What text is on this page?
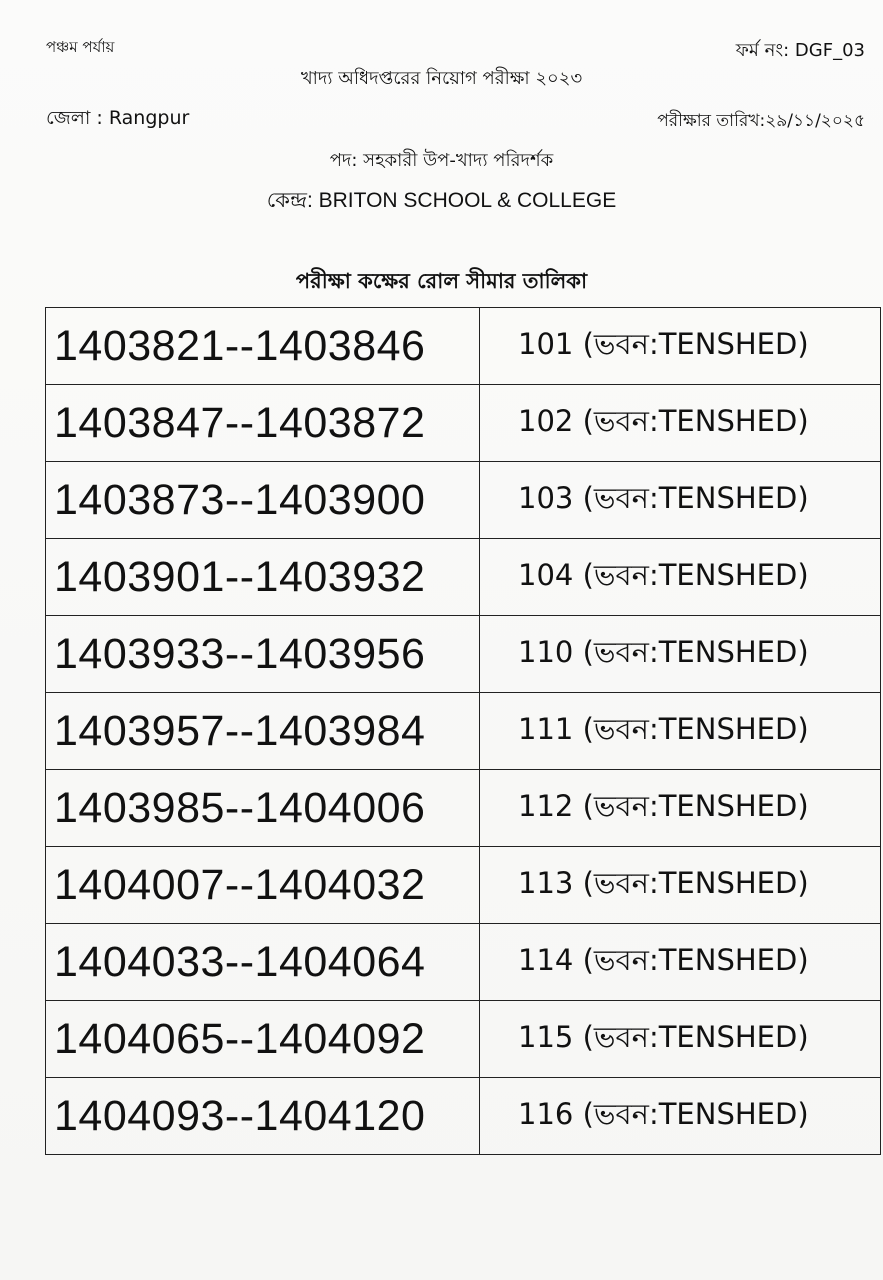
পঞ্চম পর্যায়	ফর্ম নং: DGF_03
খাদ্য অধিদপ্তরের নিয়োগ পরীক্ষা ২০২৩
জেলা : Rangpur	পরীক্ষার তারিখ:২৯/১১/২০২৫
পদ: সহকারী উপ-খাদ্য পরিদর্শক
কেন্দ্র: BRITON SCHOOL & COLLEGE
পরীক্ষা কক্ষের রোল সীমার তালিকা
1403821--1403846	101 (ভবন:TENSHED)
1403847--1403872	102 (ভবন:TENSHED)
1403873--1403900	103 (ভবন:TENSHED)
1403901--1403932	104 (ভবন:TENSHED)
1403933--1403956	110 (ভবন:TENSHED)
1403957--1403984	111 (ভবন:TENSHED)
1403985--1404006	112 (ভবন:TENSHED)
1404007--1404032	113 (ভবন:TENSHED)
1404033--1404064	114 (ভবন:TENSHED)
1404065--1404092	115 (ভবন:TENSHED)
1404093--1404120	116 (ভবন:TENSHED)
